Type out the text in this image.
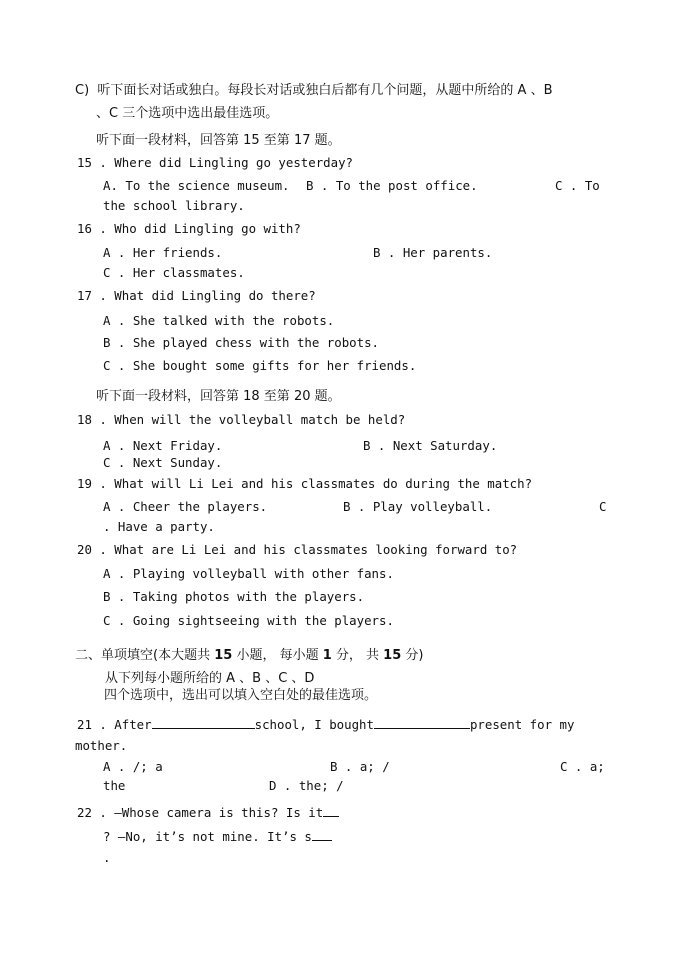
C)  听下面长对话或独白。每段长对话或独白后都有几个问题，从题中所给的 A 、B
、C 三个选项中选出最佳选项。
听下面一段材料，回答第 15 至第 17 题。
15 . Where did Lingling go yesterday?
A. To the science museum. B . To the post office.	C . To
the school library.
16 . Who did Lingling go with?
A . Her friends.	B . Her parents.
C . Her classmates.
17 . What did Lingling do there?
A . She talked with the robots.
B . She played chess with the robots.
C . She bought some gifts for her friends.
听下面一段材料，回答第 18 至第 20 题。
18 . When will the volleyball match be held?
A . Next Friday.	B . Next Saturday.
C . Next Sunday.
19 . What will Li Lei and his classmates do during the match?
A . Cheer the players.	B . Play volleyball.	C
. Have a party.
20 . What are Li Lei and his classmates looking forward to?
A . Playing volleyball with other fans.
B . Taking photos with the players.
C . Going sightseeing with the players.
二、单项填空(本大题共 15 小题， 每小题 1 分， 共 15 分)
从下列每小题所给的 A 、B 、C 、D
四个选项中，选出可以填入空白处的最佳选项。
21 . After	school, I bought	present for my
mother.
A . /; a	B . a; /	C . a;
the	D . the; /
22 . —Whose camera is this? Is it
? —No, it’s not mine. It’s s
.
